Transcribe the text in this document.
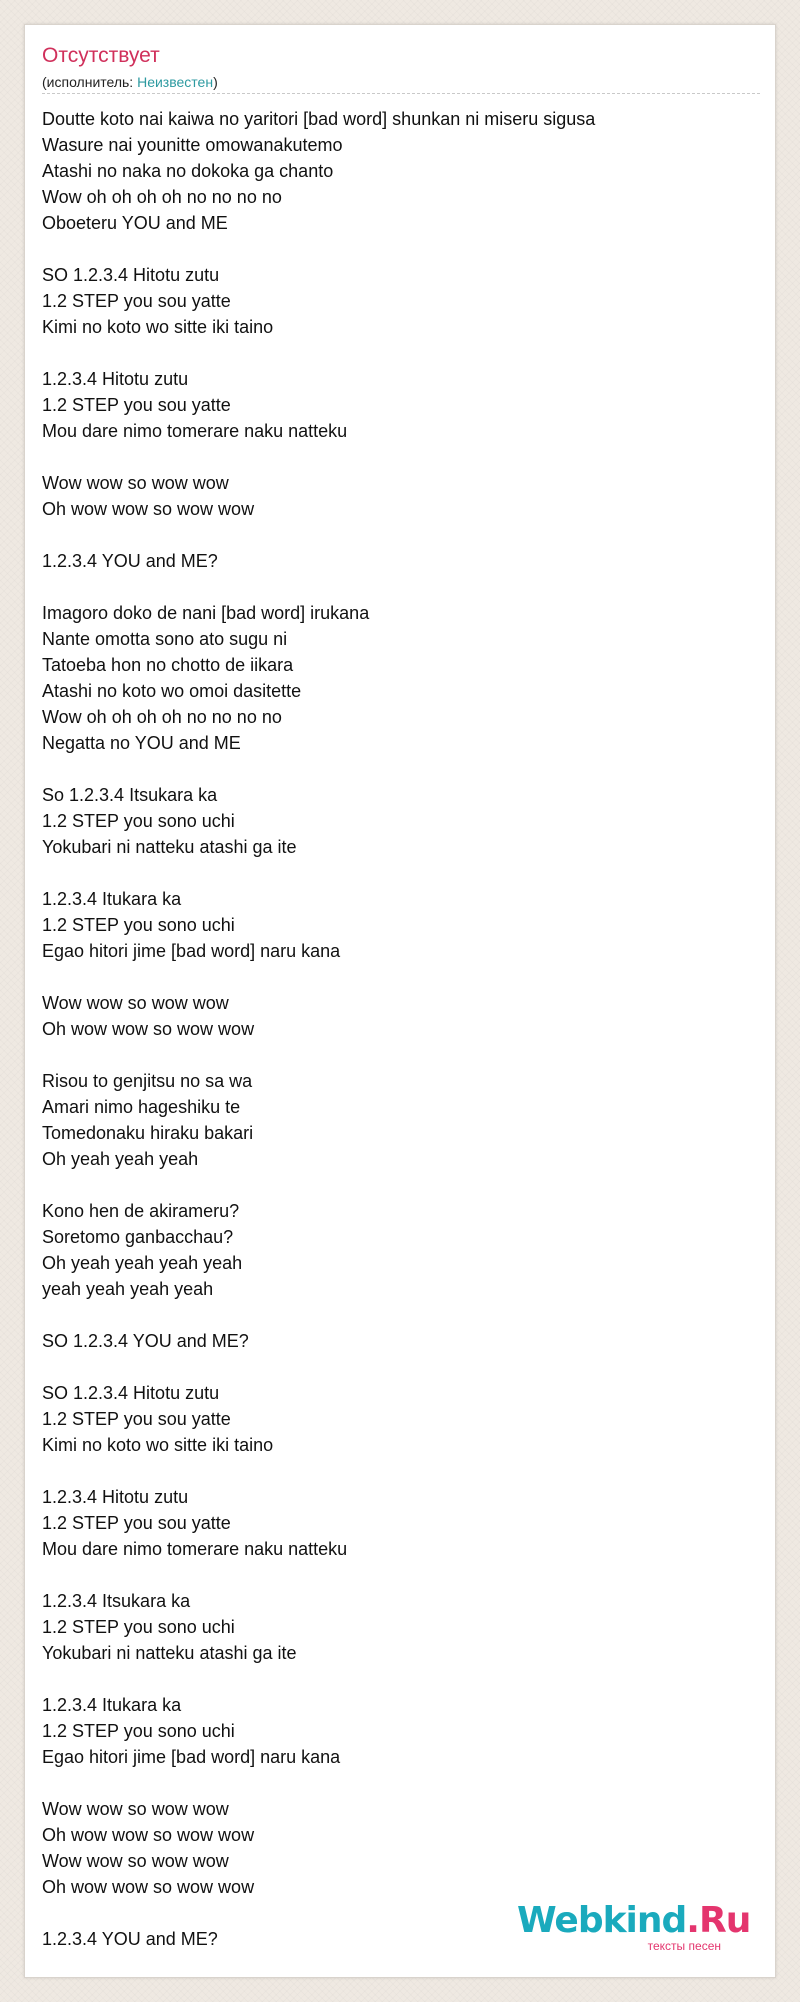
Отсутствует
(исполнитель: Неизвестен)
Doutte koto nai kaiwa no yaritori [bad word] shunkan ni miseru sigusa
Wasure nai younitte omowanakutemo
Atashi no naka no dokoka ga chanto
Wow oh oh oh oh no no no no
Oboeteru YOU and ME

SO 1.2.3.4 Hitotu zutu
1.2 STEP you sou yatte
Kimi no koto wo sitte iki taino

1.2.3.4 Hitotu zutu
1.2 STEP you sou yatte
Mou dare nimo tomerare naku natteku

Wow wow so wow wow
Oh wow wow so wow wow

1.2.3.4 YOU and ME?

Imagoro doko de nani [bad word] irukana
Nante omotta sono ato sugu ni
Tatoeba hon no chotto de iikara
Atashi no koto wo omoi dasitette
Wow oh oh oh oh no no no no
Negatta no YOU and ME

So 1.2.3.4 Itsukara ka
1.2 STEP you sono uchi
Yokubari ni natteku atashi ga ite

1.2.3.4 Itukara ka
1.2 STEP you sono uchi
Egao hitori jime [bad word] naru kana

Wow wow so wow wow
Oh wow wow so wow wow

Risou to genjitsu no sa wa
Amari nimo hageshiku te
Tomedonaku hiraku bakari
Oh yeah yeah yeah

Kono hen de akirameru?
Soretomo ganbacchau?
Oh yeah yeah yeah yeah
yeah yeah yeah yeah

SO 1.2.3.4 YOU and ME?

SO 1.2.3.4 Hitotu zutu
1.2 STEP you sou yatte
Kimi no koto wo sitte iki taino

1.2.3.4 Hitotu zutu
1.2 STEP you sou yatte
Mou dare nimo tomerare naku natteku

1.2.3.4 Itsukara ka
1.2 STEP you sono uchi
Yokubari ni natteku atashi ga ite

1.2.3.4 Itukara ka
1.2 STEP you sono uchi
Egao hitori jime [bad word] naru kana

Wow wow so wow wow
Oh wow wow so wow wow
Wow wow so wow wow
Oh wow wow so wow wow

1.2.3.4 YOU and ME?	Webkind.Ru
тексты песен
